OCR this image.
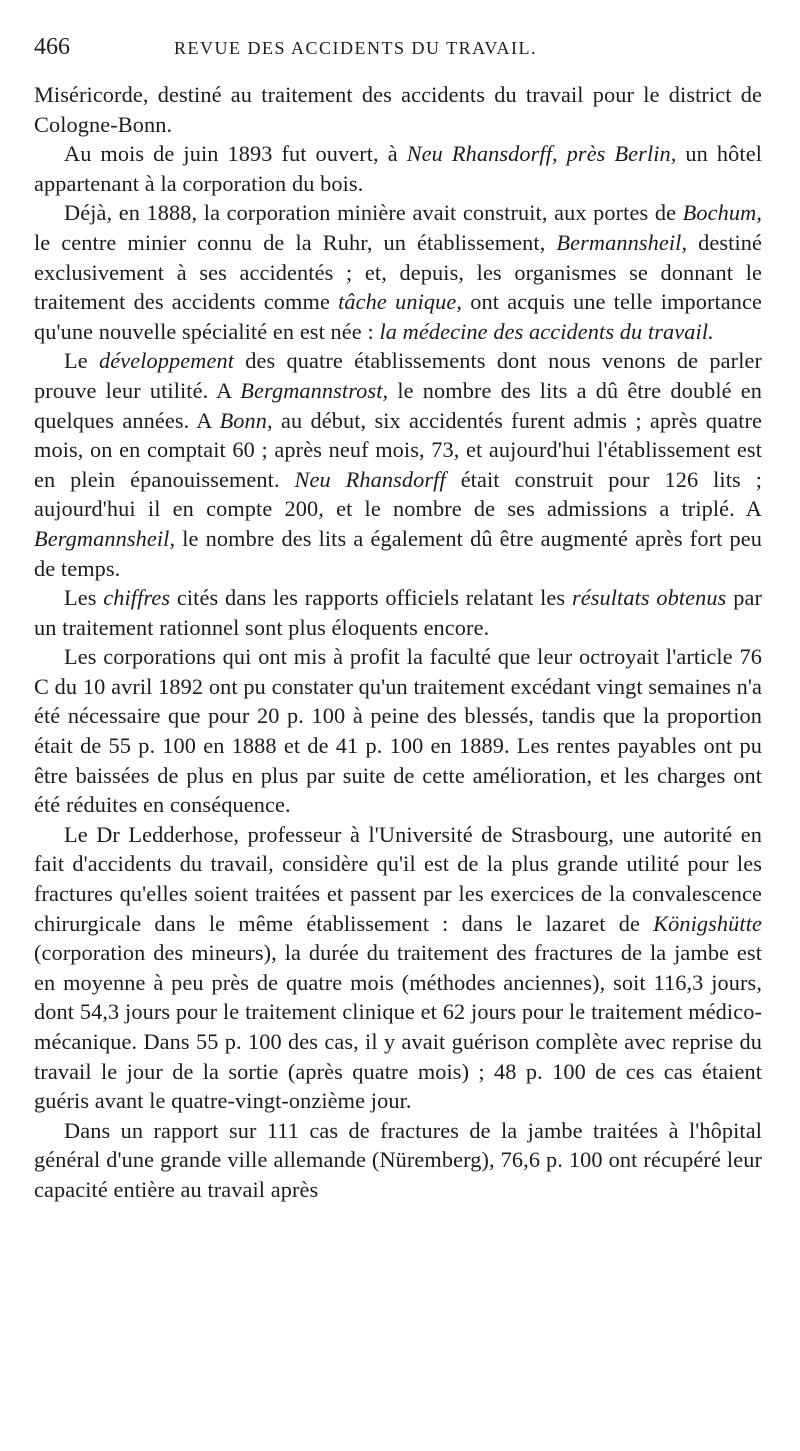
466	REVUE DES ACCIDENTS DU TRAVAIL.

Miséricorde, destiné au traitement des accidents du travail pour le district de Cologne-Bonn.

Au mois de juin 1893 fut ouvert, à Neu Rhansdorff, près Berlin, un hôtel appartenant à la corporation du bois.

Déjà, en 1888, la corporation minière avait construit, aux portes de Bochum, le centre minier connu de la Ruhr, un établissement, Bermannsheil, destiné exclusivement à ses accidentés ; et, depuis, les organismes se donnant le traitement des accidents comme tâche unique, ont acquis une telle importance qu'une nouvelle spécialité en est née : la médecine des accidents du travail.

Le développement des quatre établissements dont nous venons de parler prouve leur utilité. A Bergmannstrost, le nombre des lits a dû être doublé en quelques années. A Bonn, au début, six accidentés furent admis ; après quatre mois, on en comptait 60 ; après neuf mois, 73, et aujourd'hui l'établissement est en plein épanouissement. Neu Rhansdorff était construit pour 126 lits ; aujourd'hui il en compte 200, et le nombre de ses admissions a triplé. A Bergmannsheil, le nombre des lits a également dû être augmenté après fort peu de temps.

Les chiffres cités dans les rapports officiels relatant les résultats obtenus par un traitement rationnel sont plus éloquents encore.

Les corporations qui ont mis à profit la faculté que leur octroyait l'article 76 C du 10 avril 1892 ont pu constater qu'un traitement excédant vingt semaines n'a été nécessaire que pour 20 p. 100 à peine des blessés, tandis que la proportion était de 55 p. 100 en 1888 et de 41 p. 100 en 1889. Les rentes payables ont pu être baissées de plus en plus par suite de cette amélioration, et les charges ont été réduites en conséquence.

Le Dr Ledderhose, professeur à l'Université de Strasbourg, une autorité en fait d'accidents du travail, considère qu'il est de la plus grande utilité pour les fractures qu'elles soient traitées et passent par les exercices de la convalescence chirurgicale dans le même établissement : dans le lazaret de Königshütte (corporation des mineurs), la durée du traitement des fractures de la jambe est en moyenne à peu près de quatre mois (méthodes anciennes), soit 116,3 jours, dont 54,3 jours pour le traitement clinique et 62 jours pour le traitement médico-mécanique. Dans 55 p. 100 des cas, il y avait guérison complète avec reprise du travail le jour de la sortie (après quatre mois) ; 48 p. 100 de ces cas étaient guéris avant le quatre-vingt-onzième jour.

Dans un rapport sur 111 cas de fractures de la jambe traitées à l'hôpital général d'une grande ville allemande (Nüremberg), 76,6 p. 100 ont récupéré leur capacité entière au travail après
